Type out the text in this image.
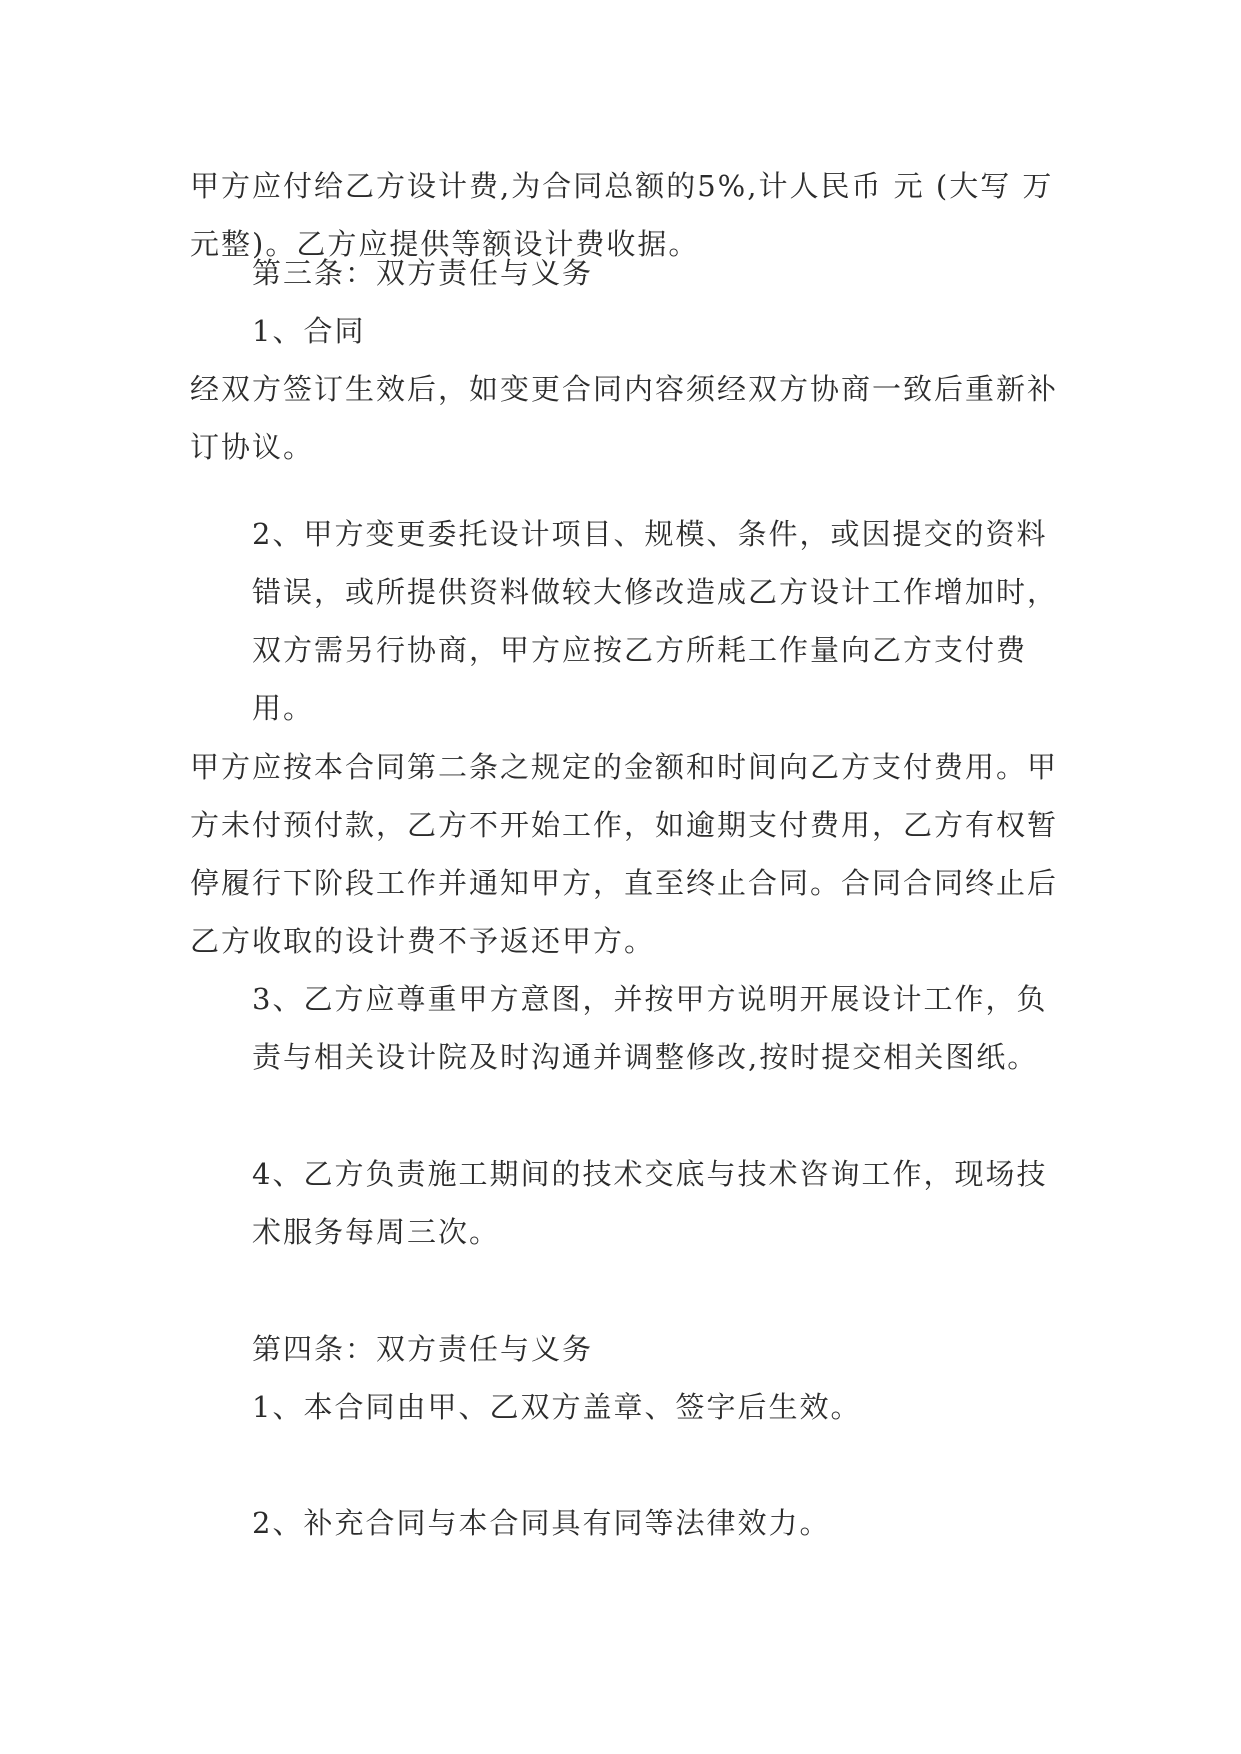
甲方应付给乙方设计费,为合同总额的5%,计人民币 元 (大写 万元整)。乙方应提供等额设计费收据。
第三条：双方责任与义务
1、合同
经双方签订生效后，如变更合同内容须经双方协商一致后重新补订协议。
2、甲方变更委托设计项目、规模、条件，或因提交的资料错误，或所提供资料做较大修改造成乙方设计工作增加时，双方需另行协商，甲方应按乙方所耗工作量向乙方支付费用。
甲方应按本合同第二条之规定的金额和时间向乙方支付费用。甲方未付预付款，乙方不开始工作，如逾期支付费用，乙方有权暂停履行下阶段工作并通知甲方，直至终止合同。合同合同终止后乙方收取的设计费不予返还甲方。
3、乙方应尊重甲方意图，并按甲方说明开展设计工作，负责与相关设计院及时沟通并调整修改,按时提交相关图纸。
4、乙方负责施工期间的技术交底与技术咨询工作，现场技术服务每周三次。
第四条：双方责任与义务
1、本合同由甲、乙双方盖章、签字后生效。
2、补充合同与本合同具有同等法律效力。
